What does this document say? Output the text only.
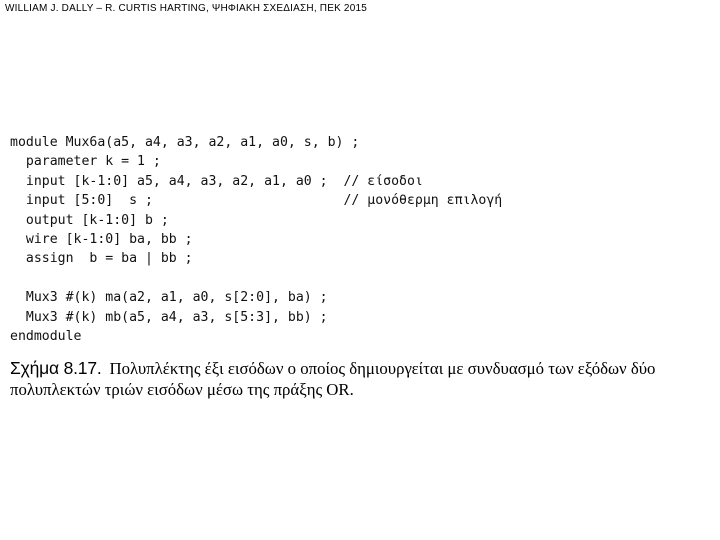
WILLIAM J. DALLY – R. CURTIS HARTING, ΨΗΦΙΑΚΗ ΣΧΕΔΙΑΣΗ, ΠΕΚ 2015
module Mux6a(a5, a4, a3, a2, a1, a0, s, b) ;
parameter k = 1 ;
input [k-1:0] a5, a4, a3, a2, a1, a0 ;  // είσοδοι
input [5:0]  s ;                        // μονόθερμη επιλογή
output [k-1:0] b ;
wire [k-1:0] ba, bb ;
assign  b = ba | bb ;
Mux3 #(k) ma(a2, a1, a0, s[2:0], ba) ;
Mux3 #(k) mb(a5, a4, a3, s[5:3], bb) ;
endmodule
Σχήμα 8.17. Πολυπλέκτης έξι εισόδων ο οποίος δημιουργείται με συνδυασμό των εξόδων δύο
πολυπλεκτών τριών εισόδων μέσω της πράξης OR.
